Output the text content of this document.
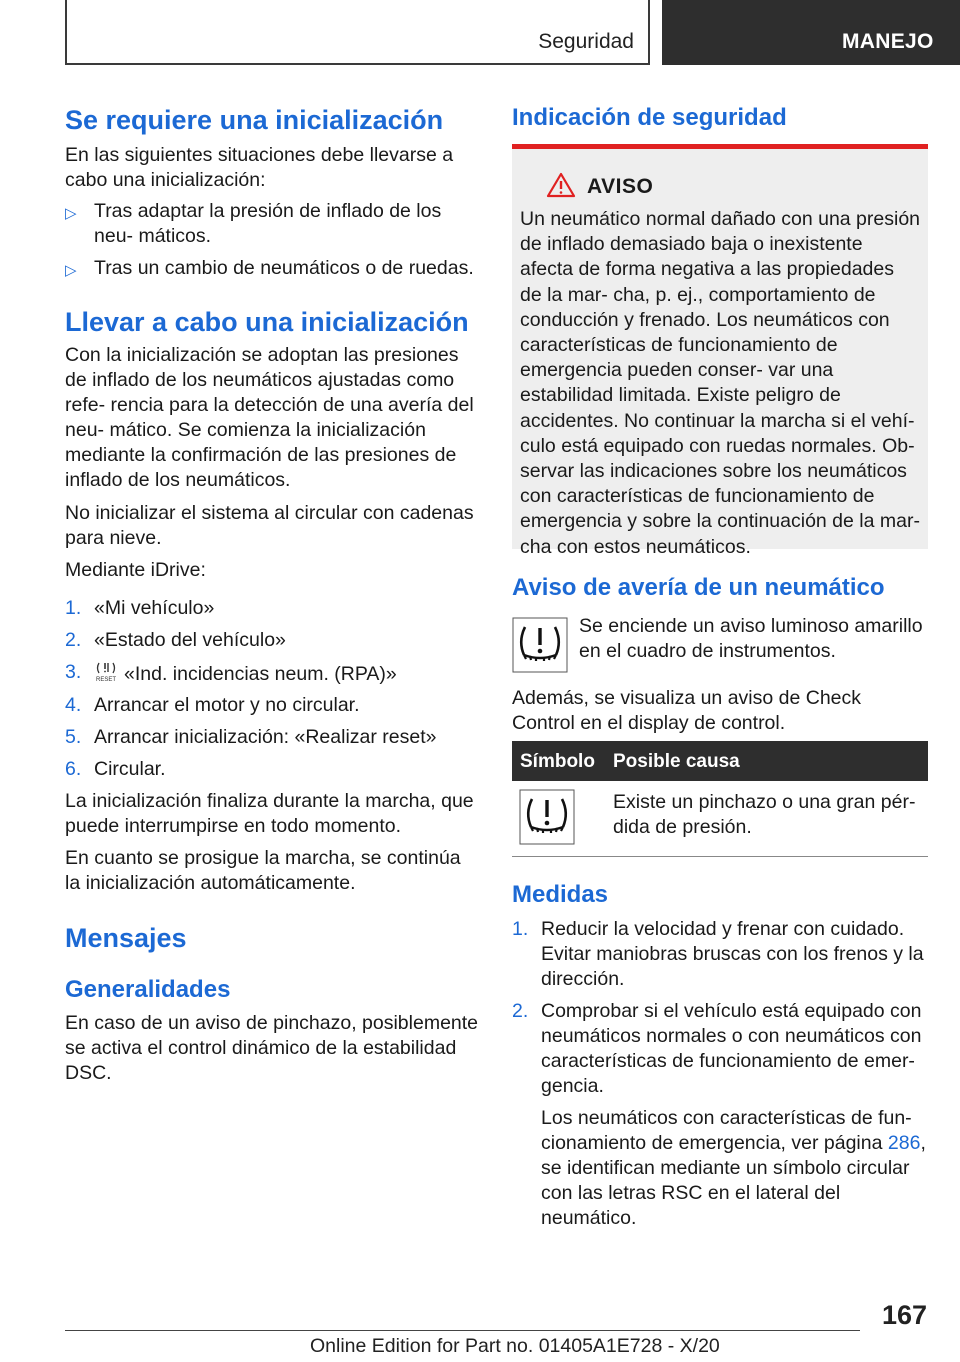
Seguridad	MANEJO
Se requiere una inicialización
En las siguientes situaciones debe llevarse a cabo una inicialización:
▷ Tras adaptar la presión de inflado de los neu‐ máticos.
▷ Tras un cambio de neumáticos o de ruedas.
Llevar a cabo una inicialización
Con la inicialización se adoptan las presiones de inflado de los neumáticos ajustadas como refe‐ rencia para la detección de una avería del neu‐ mático. Se comienza la inicialización mediante la confirmación de las presiones de inflado de los neumáticos.
No inicializar el sistema al circular con cadenas para nieve.
Mediante iDrive:
1. «Mi vehículo»
2. «Estado del vehículo»
3. RESET «Ind. incidencias neum. (RPA)»
4. Arrancar el motor y no circular.
5. Arrancar inicialización: «Realizar reset»
6. Circular.
La inicialización finaliza durante la marcha, que puede interrumpirse en todo momento.
En cuanto se prosigue la marcha, se continúa la inicialización automáticamente.
Mensajes
Generalidades
En caso de un aviso de pinchazo, posiblemente se activa el control dinámico de la estabilidad DSC.
Indicación de seguridad
AVISO
Un neumático normal dañado con una presión de inflado demasiado baja o inexistente afecta de forma negativa a las propiedades de la mar‐ cha, p. ej., comportamiento de conducción y frenado. Los neumáticos con características de funcionamiento de emergencia pueden conser‐ var una estabilidad limitada. Existe peligro de accidentes. No continuar la marcha si el vehí‐ culo está equipado con ruedas normales. Ob‐ servar las indicaciones sobre los neumáticos con características de funcionamiento de emergencia y sobre la continuación de la mar‐ cha con estos neumáticos.
Aviso de avería de un neumático
Se enciende un aviso luminoso amarillo en el cuadro de instrumentos.
Además, se visualiza un aviso de Check Control en el display de control.
Símbolo Posible causa
Existe un pinchazo o una gran pér‐ dida de presión.
Medidas
1. Reducir la velocidad y frenar con cuidado. Evitar maniobras bruscas con los frenos y la dirección.
2. Comprobar si el vehículo está equipado con neumáticos normales o con neumáticos con características de funcionamiento de emer‐ gencia.
Los neumáticos con características de fun‐ cionamiento de emergencia, ver página 286, se identifican mediante un símbolo circular con las letras RSC en el lateral del neumático.
167
Online Edition for Part no. 01405A1E728 - X/20
